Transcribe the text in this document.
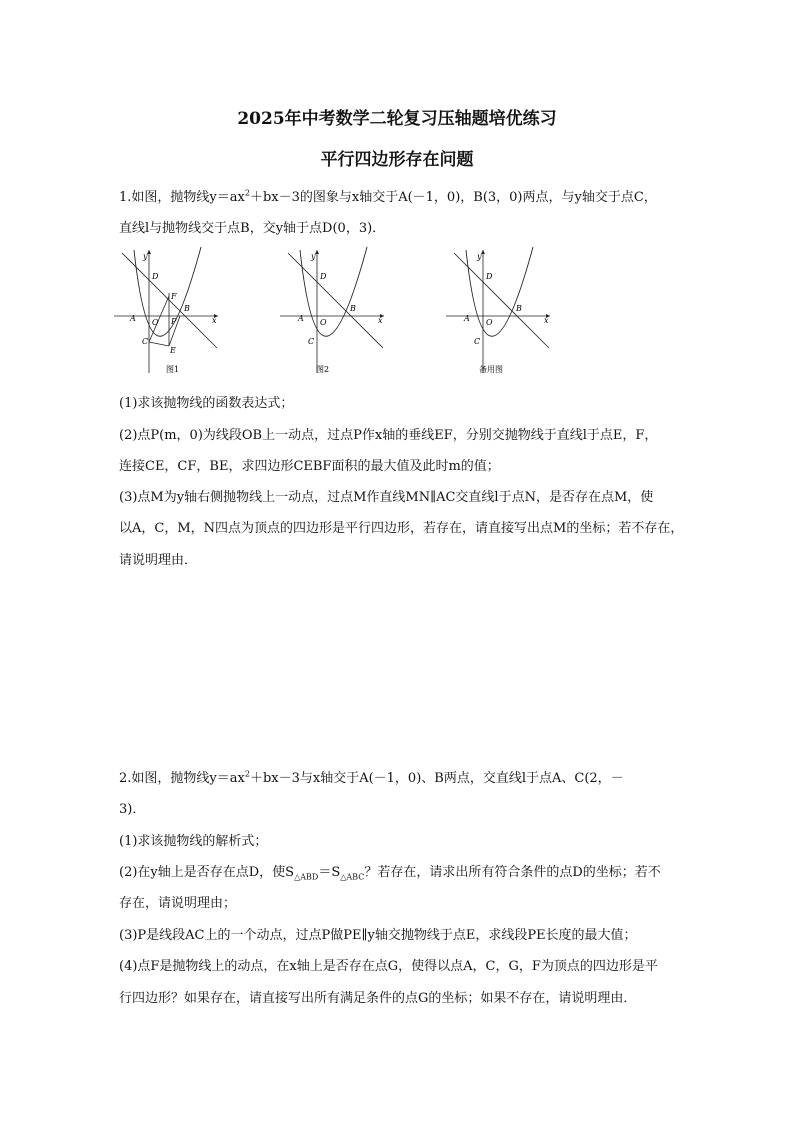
2025年中考数学二轮复习压轴题培优练习
平行四边形存在问题
1.如图，抛物线$y=ax^2+bx-3$的图象与x轴交于A(－1，0)，B(3，0)两点，与y轴交于点C，
直线l与抛物线交于点B，交y轴于点D(0，3)．
y
D
F
B
A O P	x
C
E
图1
y
D
B
A O	x
C
图2
y
D
B
A O	x
C
备用图
(1)求该抛物线的函数表达式；
(2)点P(m，0)为线段OB上一动点，过点P作x轴的垂线EF，分别交抛物线于直线l于点E，F，
连接CE，CF，BE，求四边形CEBF面积的最大值及此时m的值；
(3)点M为y轴右侧抛物线上一动点，过点M作直线MN∥AC交直线l于点N，是否存在点M，使
以A，C，M，N四点为顶点的四边形是平行四边形，若存在，请直接写出点M的坐标；若不存在，
请说明理由．
2.如图，抛物线$y=ax^2+bx-3$与x轴交于A(－1，0)、B两点，交直线l于点A、C(2，－
3)．
(1)求该抛物线的解析式；
(2)在y轴上是否存在点D，使$S_{\triangle ABD}=S_{\triangle ABC}$？若存在，请求出所有符合条件的点D的坐标；若不
存在，请说明理由；
(3)P是线段AC上的一个动点，过点P做PE∥y轴交抛物线于点E，求线段PE长度的最大值；
(4)点F是抛物线上的动点，在x轴上是否存在点G，使得以点A，C，G，F为顶点的四边形是平
行四边形？如果存在，请直接写出所有满足条件的点G的坐标；如果不存在，请说明理由．
